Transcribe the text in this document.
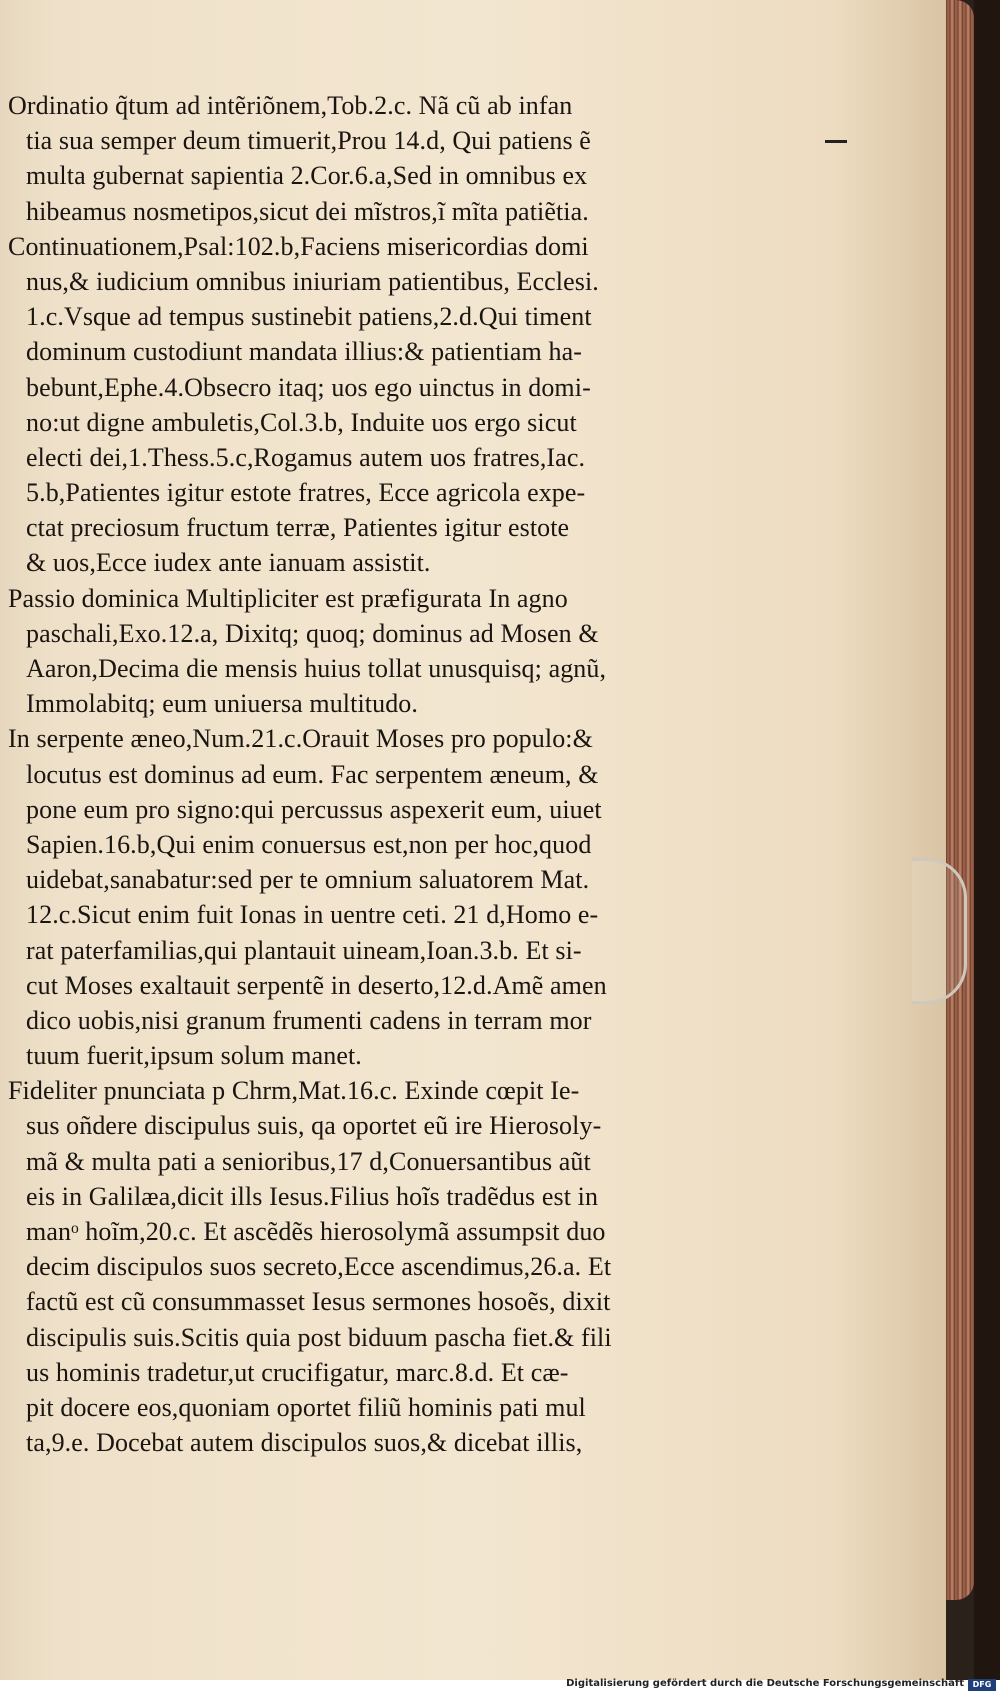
Ordinatio q̃tum ad intẽriõnem,Tob.2.c. Nã cũ ab infan
tia sua semper deum timuerit,Prou 14.d, Qui patiens ẽ
multa gubernat sapientia 2.Cor.6.a,Sed in omnibus ex
hibeamus nosmetipos,sicut dei mĩstros,ĩ mĩta patiẽtia.
Continuationem,Psal:102.b,Faciens misericordias domi
nus,& iudicium omnibus iniuriam patientibus, Ecclesi.
1.c.Vsque ad tempus sustinebit patiens,2.d.Qui timent
dominum custodiunt mandata illius:& patientiam ha-
bebunt,Ephe.4.Obsecro itaq; uos ego uinctus in domi-
no:ut digne ambuletis,Col.3.b, Induite uos ergo sicut
electi dei,1.Thess.5.c,Rogamus autem uos fratres,Iac.
5.b,Patientes igitur estote fratres, Ecce agricola expe-
ctat preciosum fructum terræ, Patientes igitur estote
& uos,Ecce iudex ante ianuam assistit.
Passio dominica Multipliciter est præfigurata In agno
paschali,Exo.12.a, Dixitq; quoq; dominus ad Mosen &
Aaron,Decima die mensis huius tollat unusquisq; agnũ,
Immolabitq; eum uniuersa multitudo.
In serpente æneo,Num.21.c.Orauit Moses pro populo:&
locutus est dominus ad eum. Fac serpentem æneum, &
pone eum pro signo:qui percussus aspexerit eum, uiuet
Sapien.16.b,Qui enim conuersus est,non per hoc,quod
uidebat,sanabatur:sed per te omnium saluatorem Mat.
12.c.Sicut enim fuit Ionas in uentre ceti. 21 d,Homo e-
rat paterfamilias,qui plantauit uineam,Ioan.3.b. Et si-
cut Moses exaltauit serpentẽ in deserto,12.d.Amẽ amen
dico uobis,nisi granum frumenti cadens in terram mor
tuum fuerit,ipsum solum manet.
Fideliter pnunciata p Chrm,Mat.16.c. Exinde cœpit Ie-
sus oñdere discipulus suis, qa oportet eũ ire Hierosoly-
mã & multa pati a senioribus,17 d,Conuersantibus aũt
eis in Galilæa,dicit ills Iesus.Filius hoĩs tradẽdus est in
manᵒ hoĩm,20.c. Et ascẽdẽs hierosolymã assumpsit duo
decim discipulos suos secreto,Ecce ascendimus,26.a. Et
factũ est cũ consummasset Iesus sermones hosoẽs, dixit
discipulis suis.Scitis quia post biduum pascha fiet.& fili
us hominis tradetur,ut crucifigatur, marc.8.d. Et cæ-
pit docere eos,quoniam oportet filiũ hominis pati mul
ta,9.e. Docebat autem discipulos suos,& dicebat illis,
Digitalisierung gefördert durch die Deutsche Forschungsgemeinschaft	DFG
